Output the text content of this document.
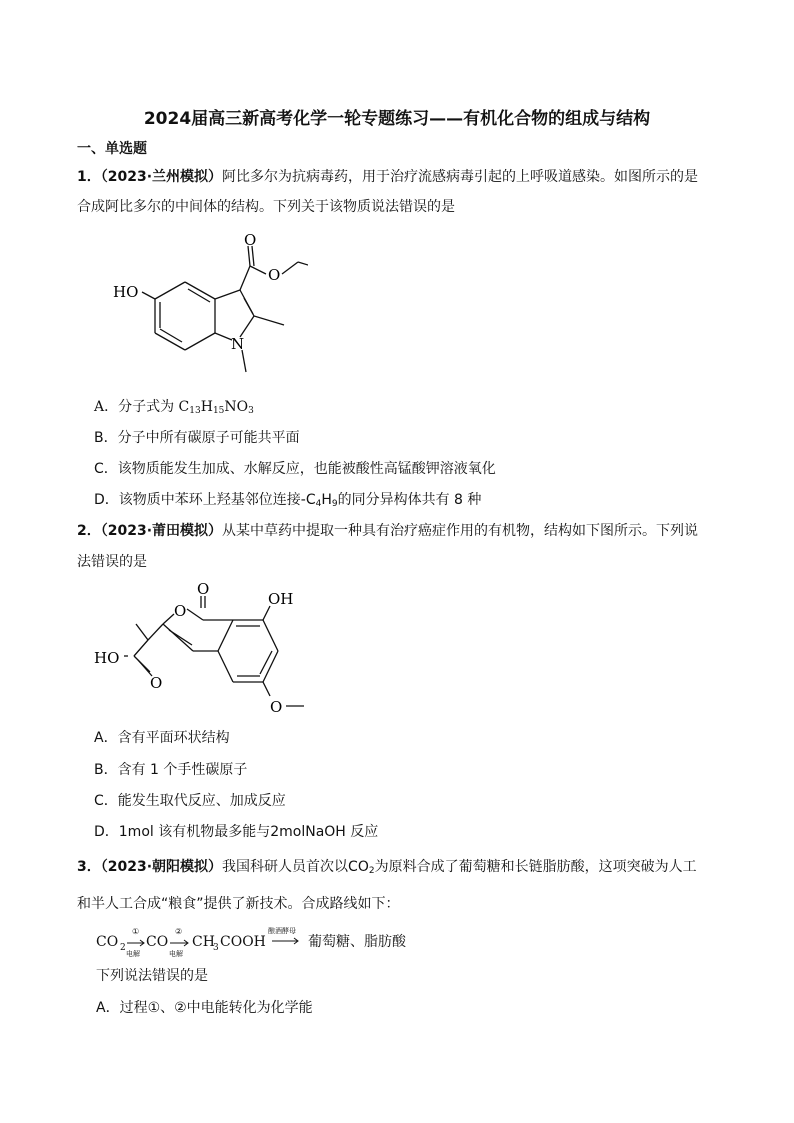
2024届高三新高考化学一轮专题练习——有机化合物的组成与结构
一、单选题
1．（2023·兰州模拟）阿比多尔为抗病毒药，用于治疗流感病毒引起的上呼吸道感染。如图所示的是
合成阿比多尔的中间体的结构。下列关于该物质说法错误的是
HO
O
O
N
A．分子式为 $C_{13}H_{15}NO_3$
B．分子中所有碳原子可能共平面
C．该物质能发生加成、水解反应，也能被酸性高锰酸钾溶液氧化
D．该物质中苯环上羟基邻位连接$-C_4H_9$的同分异构体共有 8 种
2．（2023·莆田模拟）从某中草药中提取一种具有治疗癌症作用的有机物，结构如下图所示。下列说
法错误的是
O
O
OH
HO
O
O
A．含有平面环状结构
B．含有 1 个手性碳原子
C．能发生取代反应、加成反应
D．1mol 该有机物最多能与2molNaOH 反应
3．（2023·朝阳模拟）我国科研人员首次以$CO_2$为原料合成了葡萄糖和长链脂肪酸，这项突破为人工
和半人工合成“粮食”提供了新技术。合成路线如下：
CO 2
①
电解
CO
②
电解
CH
3 COOH
酿酒酵母
葡萄糖、脂肪酸
下列说法错误的是
A．过程①、②中电能转化为化学能
